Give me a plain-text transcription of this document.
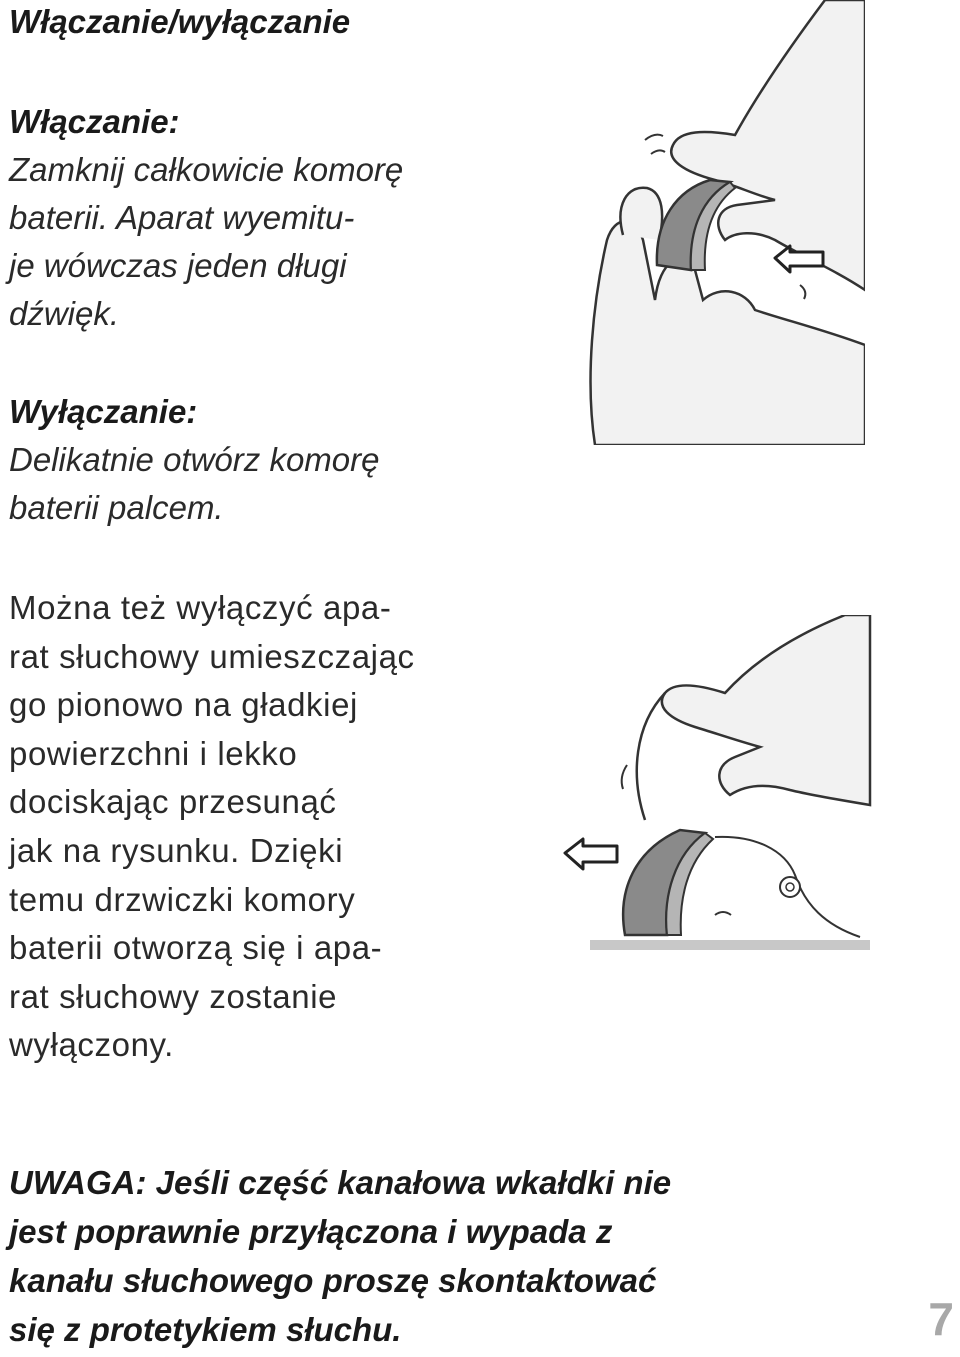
Włączanie/wyłączanie
Włączanie:
Zamknij całkowicie komorę
baterii. Aparat wyemitu-
je wówczas jeden długi
dźwięk.
Wyłączanie:
Delikatnie otwórz komorę
baterii palcem.
Można też wyłączyć apa-
rat słuchowy umieszczając
go pionowo na gładkiej
powierzchni i lekko
dociskając przesunąć
jak na rysunku. Dzięki
temu drzwiczki komory
baterii otworzą się i apa-
rat słuchowy zostanie
wyłączony.
UWAGA: Jeśli część kanałowa wkałdki nie
jest poprawnie przyłączona i wypada z
kanału słuchowego proszę skontaktować
się z protetykiem słuchu.	7
